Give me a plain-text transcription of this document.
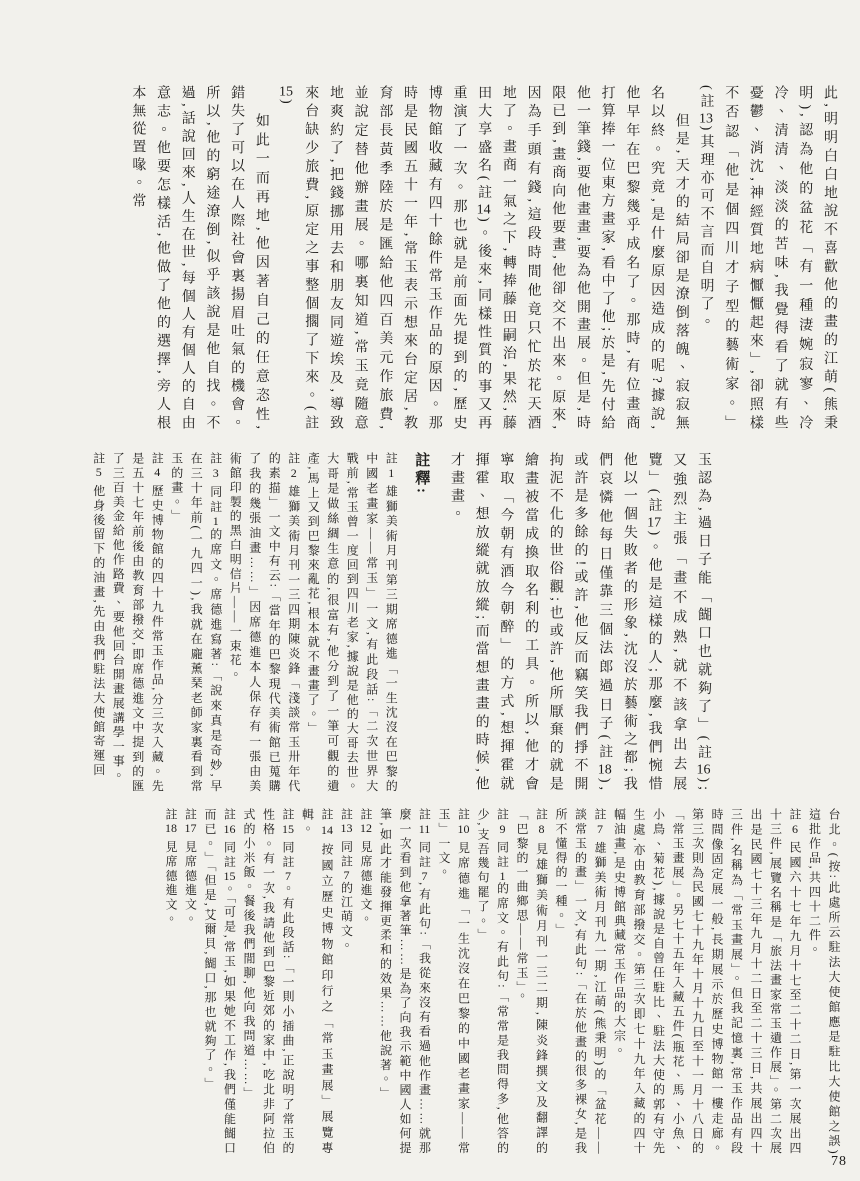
此,明明白白地說不喜歡他的畫的江萌(熊秉明),認為他的盆花「有一種淒婉寂寥、冷冷、清清、淡淡的苦味,我覺得看了就有些憂鬱、消沈,神經質地病懨懨起來」,卻照樣不否認「他是個四川才子型的藝術家。」(註13)其理亦可不言而自明了。

但是,天才的結局卻是潦倒落魄、寂寂無名以終。究竟,是什麼原因造成的呢?據說,他早年在巴黎幾乎成名了。那時,有位畫商打算捧一位東方畫家,看中了他;於是,先付給他一筆錢,要他畫畫,要為他開畫展。但是,時限已到,畫商向他要畫,他卻交不出來。原來,因為手頭有錢,這段時間他竟只忙於花天酒地了。畫商一氣之下,轉捧藤田嗣治,果然,藤田大享盛名(註14)。後來,同樣性質的事又再重演了一次。那也就是前面先提到的,歷史博物館收藏有四十餘件常玉作品的原因。那時是民國五十一年,常玉表示想來台定居,教育部長黃季陸於是匯給他四百美元作旅費,並說定替他辦畫展。哪裏知道,常玉竟隨意地爽約了,把錢挪用去和朋友同遊埃及,導致來台缺少旅費,原定之事整個擱了下來。(註15)

如此一而再地,他因著自己的任意恣性,錯失了可以在人際社會裏揚眉吐氣的機會。所以,他的窮途潦倒,似乎該說是他自找。不過,話說回來,人生在世,每個人有個人的自由意志。他要怎樣活,他做了他的選擇,旁人根本無從置喙。常

玉認為,過日子能「餬口也就夠了」(註16);又強烈主張「畫不成熟,就不該拿出去展覽」(註17)。他是這樣的人;那麼,我們惋惜他以一個失敗者的形象,沈沒於藝術之都;我們哀憐他每日僅靠三個法郎過日子(註18),或許是多餘的!或許,他反而竊笑我們掙不開拘泥不化的世俗觀;也或許,他所厭棄的就是繪畫被當成換取名利的工具。所以,他才會寧取「今朝有酒今朝醉」的方式,想揮霍就揮霍、想放縱就放縱;而當想畫畫的時候,他才畫畫。

註釋:

註1雄獅美術月刊第三期席德進「一生沈沒在巴黎的中國老畫家——常玉」一文,有此段話:「二次世界大戰前,常玉曾一度回到四川老家,據說是他的大哥去世。大哥是做絲綢生意的,很富有,他分到了一筆可觀的遺產,馬上又到巴黎來亂花,根本就不畫畫了。」

註2雄獅美術月刊一三四期陳炎鋒「淺談常玉卅年代的素描」一文中有云:「當年的巴黎現代美術館已蒐購了我的幾張油畫……」因席德進本人保存有一張由美術館印製的黑白明信片——一束花。

註3同註1的席文。席德進寫著:「說來真是奇妙,早在三十年前(一九四一),我就在龐薰琹老師家裏看到常玉的畫。」

註4歷史博物館的四十九件常玉作品,分三次入藏。先是五十七年前後由教育部撥交,即席德進文中提到的匯了三百美金給他作路費、要他回台開畫展講學一事。

註5他身後留下的油畫,先由我們駐法大使館寄運回

台北。(按:此處所云駐法大使館應是駐比大使館之誤)這批作品,共四十二件。

註6民國六十七年九月十七至二十二日,第一次展出四十三件,展覽名稱是「旅法畫家常玉遺作展」。第二次展出是民國七十三年九月十二日至二十三日,共展出四十三件,名稱為「常玉畫展」。但我記憶裏,常玉作品有段時間像固定展一般,長期展示於歷史博物館一樓走廊。第三次則為民國七十九年十月十九日至十一月十八日的「常玉畫展」。另七十五年入藏五件(瓶花、馬、小魚、小鳥、菊花),據說是自曾任駐比、駐法大使的郭有守先生處,亦由教育部撥交。第三次即七十九年入藏的四十幅油畫,是史博館典藏常玉作品的大宗。

註7雄獅美術月刊九一期,江萌(熊秉明)的「盆花——談常玉的畫」一文,有此句:「在於他畫的很多裸女,是我所不懂得的一種。」

註8見雄獅美術月刊一三二期,陳炎鋒撰文及翻譯的「巴黎的一曲鄉思——常玉」。

註9同註1的席文。有此句:「常常是我問得多,他答的少,支吾幾句罷了。」

註10見席德進「一生沈沒在巴黎的中國老畫家——常玉」一文。

註11同註7,有此句:「我從來沒有看過他作畫……就那麼一次看到他拿著筆……是為了向我示範中國人如何提筆,如此才能發揮更柔和的效果……他說著。」

註12見席德進文。

註13同註7的江萌文。

註14按國立歷史博物館印行之「常玉畫展」展覽專輯。

註15同註7。有此段話:「一則小插曲,正說明了常玉的性格。有一次,我請他到巴黎近郊的家中,吃北非阿拉伯式的小米飯。餐後我們閒聊,他向我問道……」

註16同註15。「可是,常玉,如果她不工作,我們僅能餬口而已。」「但是,艾爾貝,餬口,那也就夠了。」

註17見席德進文。

註18見席德進文。

78
